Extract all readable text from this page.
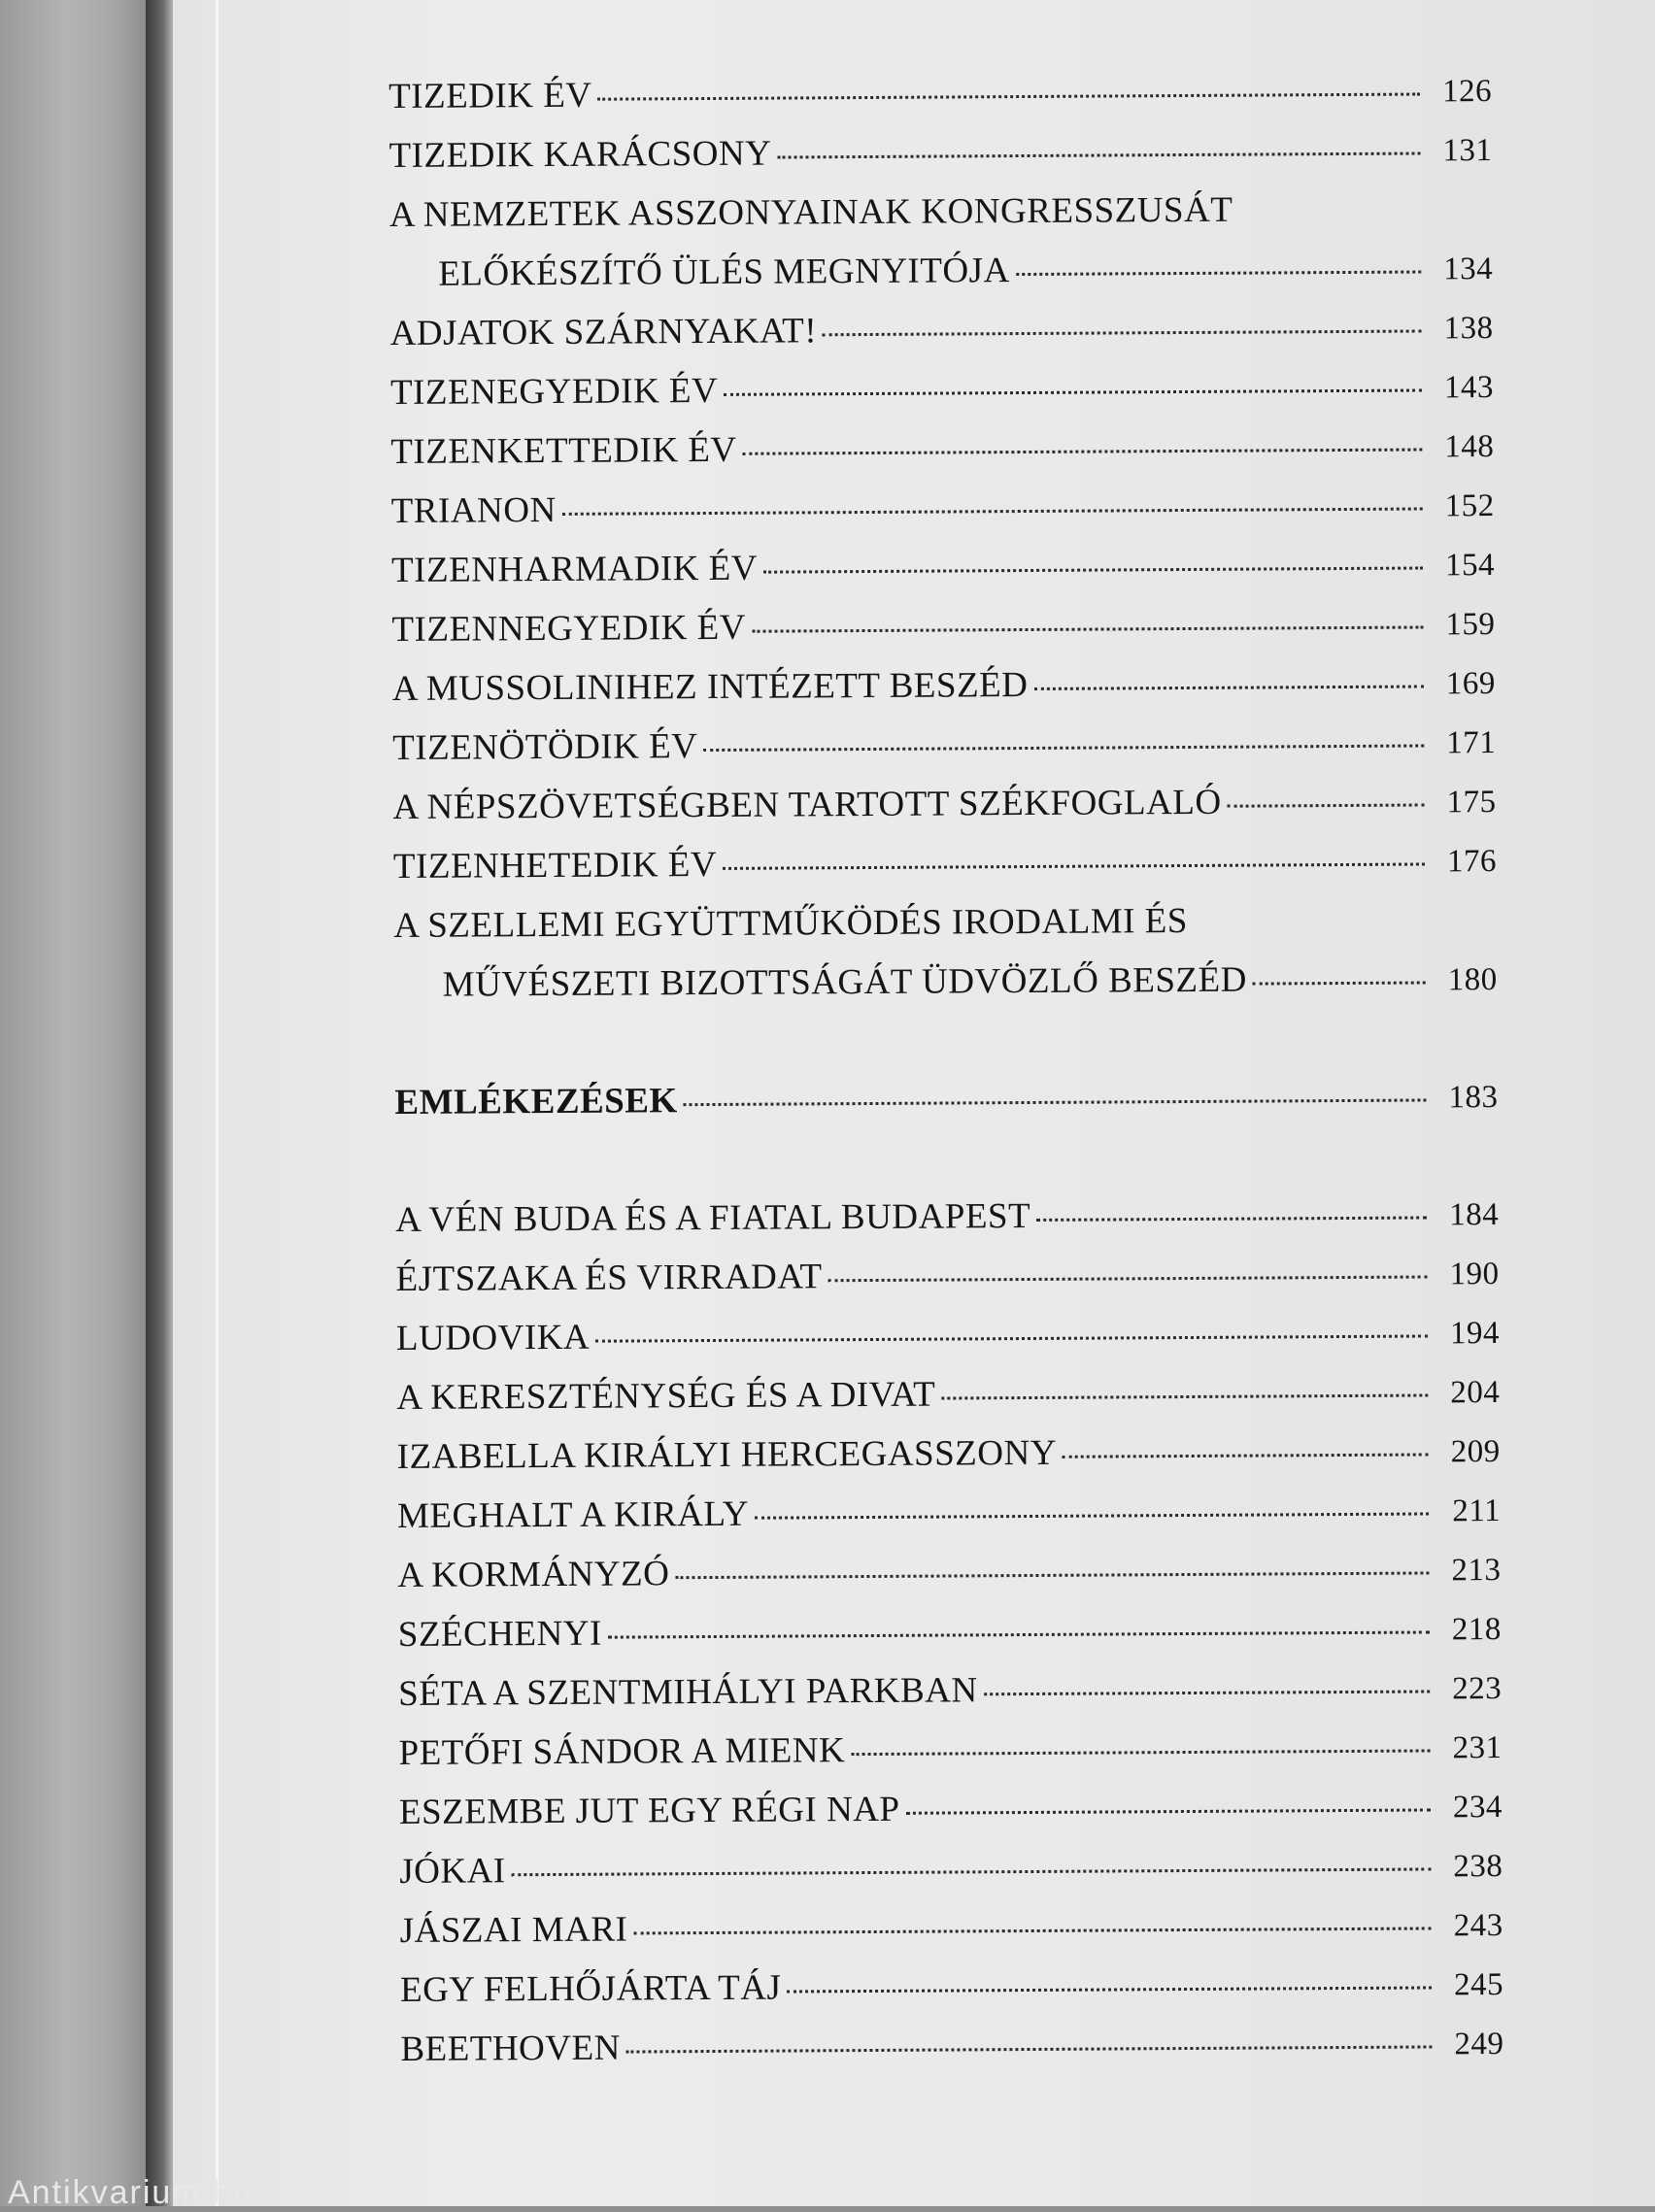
TIZEDIK ÉV	126
TIZEDIK KARÁCSONY	131
A NEMZETEK ASSZONYAINAK KONGRESSZUSÁT
ELŐKÉSZÍTŐ ÜLÉS MEGNYITÓJA	134
ADJATOK SZÁRNYAKAT!	138
TIZENEGYEDIK ÉV	143
TIZENKETTEDIK ÉV	148
TRIANON	152
TIZENHARMADIK ÉV	154
TIZENNEGYEDIK ÉV	159
A MUSSOLINIHEZ INTÉZETT BESZÉD	169
TIZENÖTÖDIK ÉV	171
A NÉPSZÖVETSÉGBEN TARTOTT SZÉKFOGLALÓ	175
TIZENHETEDIK ÉV	176
A SZELLEMI EGYÜTTMŰKÖDÉS IRODALMI ÉS
MŰVÉSZETI BIZOTTSÁGÁT ÜDVÖZLŐ BESZÉD	180
EMLÉKEZÉSEK	183
A VÉN BUDA ÉS A FIATAL BUDAPEST	184
ÉJTSZAKA ÉS VIRRADAT	190
LUDOVIKA	194
A KERESZTÉNYSÉG ÉS A DIVAT	204
IZABELLA KIRÁLYI HERCEGASSZONY	209
MEGHALT A KIRÁLY	211
A KORMÁNYZÓ	213
SZÉCHENYI	218
SÉTA A SZENTMIHÁLYI PARKBAN	223
PETŐFI SÁNDOR A MIENK	231
ESZEMBE JUT EGY RÉGI NAP	234
JÓKAI	238
JÁSZAI MARI	243
EGY FELHŐJÁRTA TÁJ	245
BEETHOVEN	249
Antikvarium.hu
